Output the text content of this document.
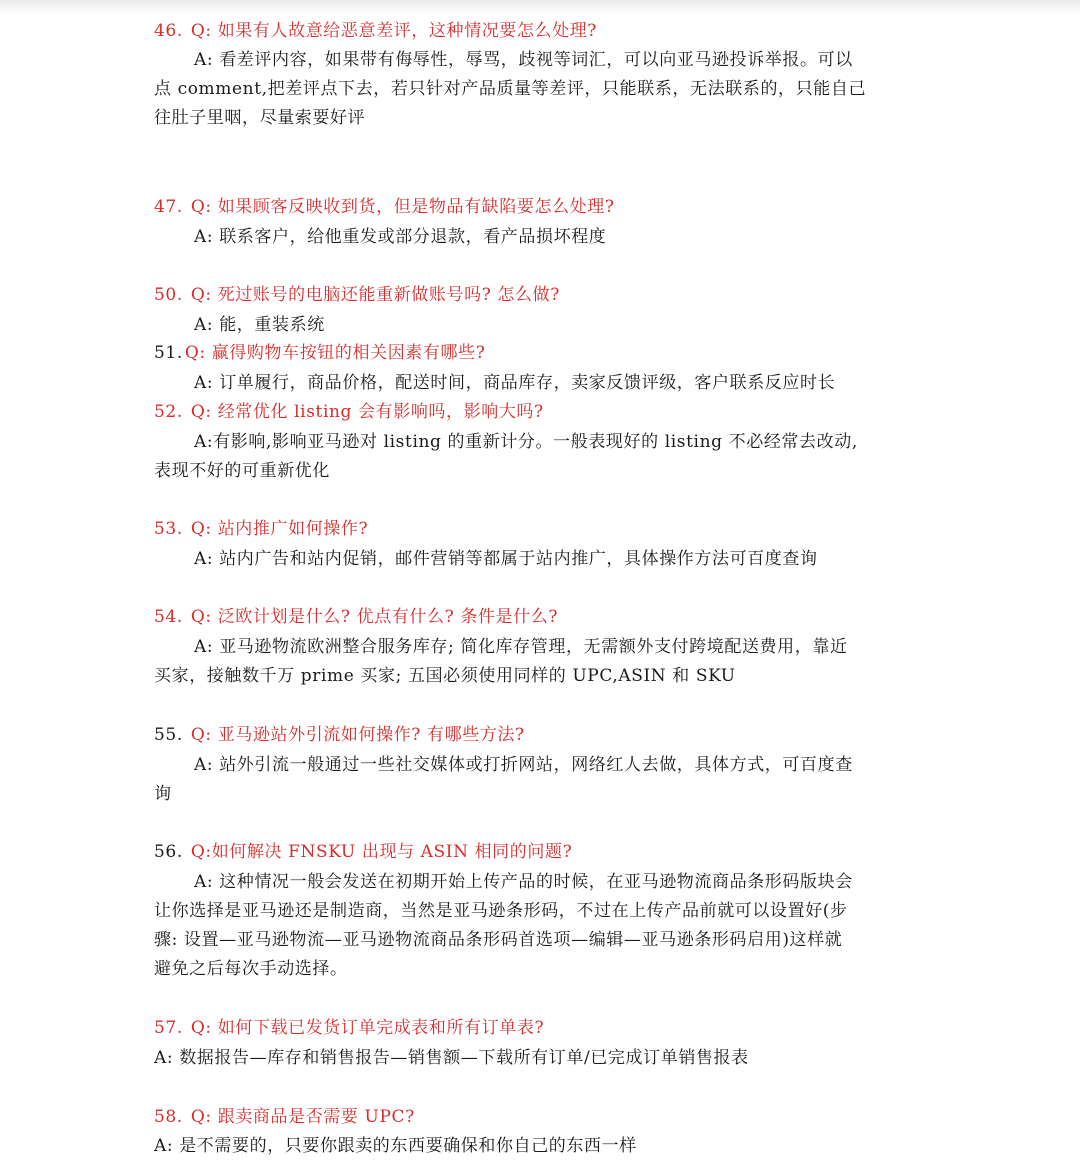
46. Q: 如果有人故意给恶意差评，这种情况要怎么处理?
A: 看差评内容，如果带有侮辱性，辱骂，歧视等词汇，可以向亚马逊投诉举报。可以
点 comment,把差评点下去，若只针对产品质量等差评，只能联系，无法联系的，只能自己
往肚子里咽，尽量索要好评
47. Q: 如果顾客反映收到货，但是物品有缺陷要怎么处理?
A: 联系客户，给他重发或部分退款，看产品损坏程度
50. Q: 死过账号的电脑还能重新做账号吗? 怎么做?
A: 能，重装系统
51. Q: 赢得购物车按钮的相关因素有哪些?
A: 订单履行，商品价格，配送时间，商品库存，卖家反馈评级，客户联系反应时长
52. Q: 经常优化 listing 会有影响吗，影响大吗?
A:有影响,影响亚马逊对 listing 的重新计分。一般表现好的 listing 不必经常去改动,
表现不好的可重新优化
53. Q: 站内推广如何操作?
A: 站内广告和站内促销，邮件营销等都属于站内推广，具体操作方法可百度查询
54. Q: 泛欧计划是什么? 优点有什么? 条件是什么?
A: 亚马逊物流欧洲整合服务库存; 简化库存管理，无需额外支付跨境配送费用，靠近
买家，接触数千万 prime 买家; 五国必须使用同样的 UPC,ASIN 和 SKU
55. Q: 亚马逊站外引流如何操作? 有哪些方法?
A: 站外引流一般通过一些社交媒体或打折网站，网络红人去做，具体方式，可百度查
询
56. Q:如何解决 FNSKU 出现与 ASIN 相同的问题?
A: 这种情况一般会发送在初期开始上传产品的时候，在亚马逊物流商品条形码版块会
让你选择是亚马逊还是制造商，当然是亚马逊条形码，不过在上传产品前就可以设置好(步
骤: 设置—亚马逊物流—亚马逊物流商品条形码首选项—编辑—亚马逊条形码启用)这样就
避免之后每次手动选择。
57. Q: 如何下载已发货订单完成表和所有订单表?
A: 数据报告—库存和销售报告—销售额—下载所有订单/已完成订单销售报表
58. Q: 跟卖商品是否需要 UPC?
A: 是不需要的，只要你跟卖的东西要确保和你自己的东西一样
